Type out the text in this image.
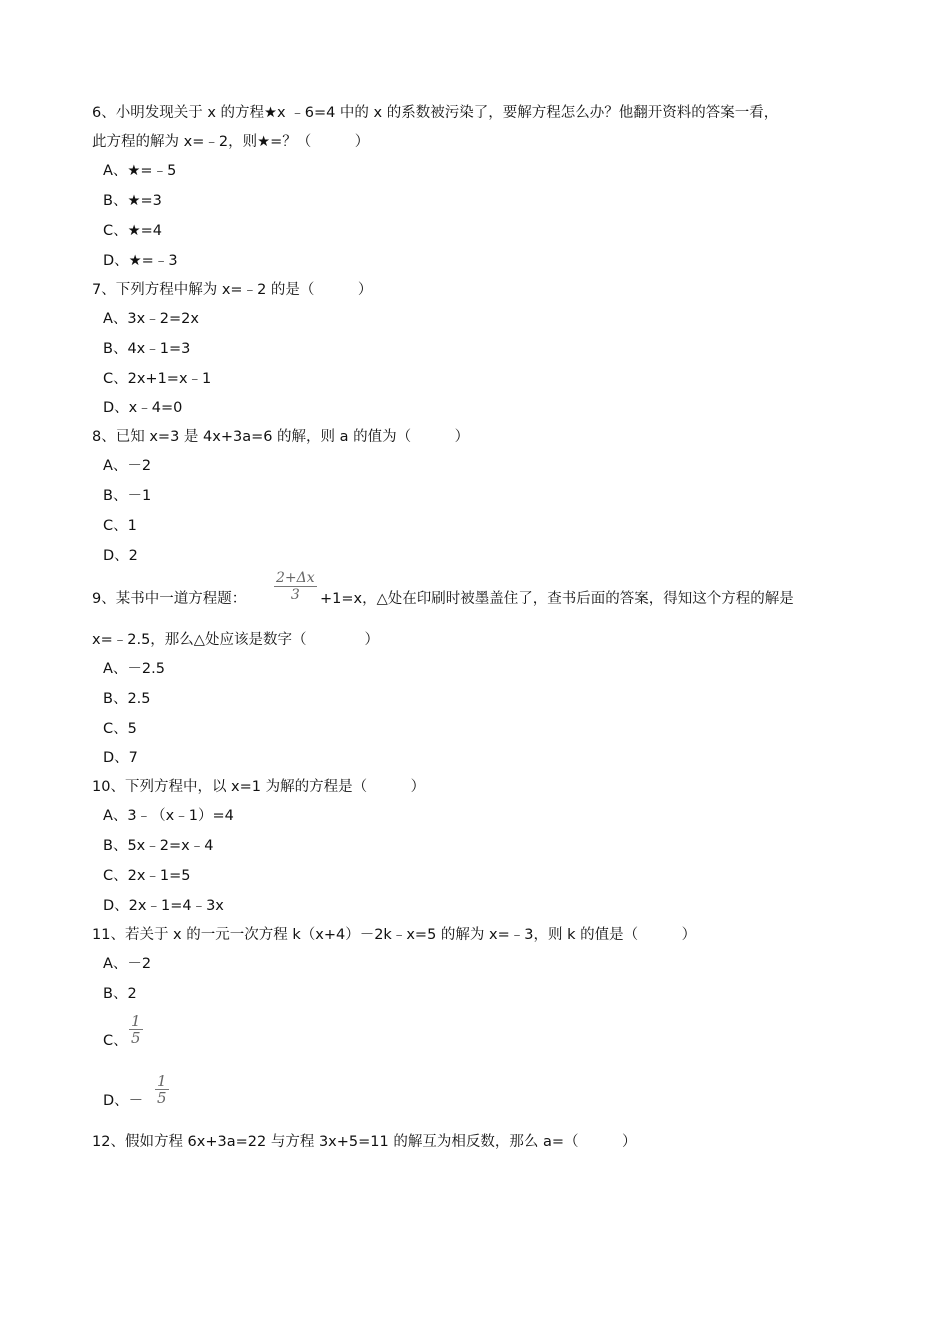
6、小明发现关于 x 的方程★x ﹣6=4 中的 x 的系数被污染了，要解方程怎么办？他翻开资料的答案一看，
此方程的解为 x=﹣2，则★=？（　　　）
A、★=﹣5
B、★=3
C、★=4
D、★=﹣3
7、下列方程中解为 x=﹣2 的是（　　　）
A、3x﹣2=2x
B、4x﹣1=3
C、2x+1=x﹣1
D、x﹣4=0
8、已知 x=3 是 4x+3a=6 的解，则 a 的值为（　　　）
A、－2
B、－1
C、1
D、2
9、某书中一道方程题： $\frac{2+\Delta x}{3} +1=x$，△处在印刷时被墨盖住了，查书后面的答案，得知这个方程的解是
x=﹣2.5，那么△处应该是数字（　　　　）
A、－2.5
B、2.5
C、5
D、7
10、下列方程中，以 x=1 为解的方程是（　　　）
A、3﹣（x﹣1）=4
B、5x﹣2=x﹣4
C、2x﹣1=5
D、2x﹣1=4﹣3x
11、若关于 x 的一元一次方程 k（x+4）－2k﹣x=5 的解为 x=﹣3，则 k 的值是（　　　）
A、－2
B、2
C、 $\frac{1}{5}$
D、－ $\frac{1}{5}$
12、假如方程 6x+3a=22 与方程 3x+5=11 的解互为相反数，那么 a=（　　　）
